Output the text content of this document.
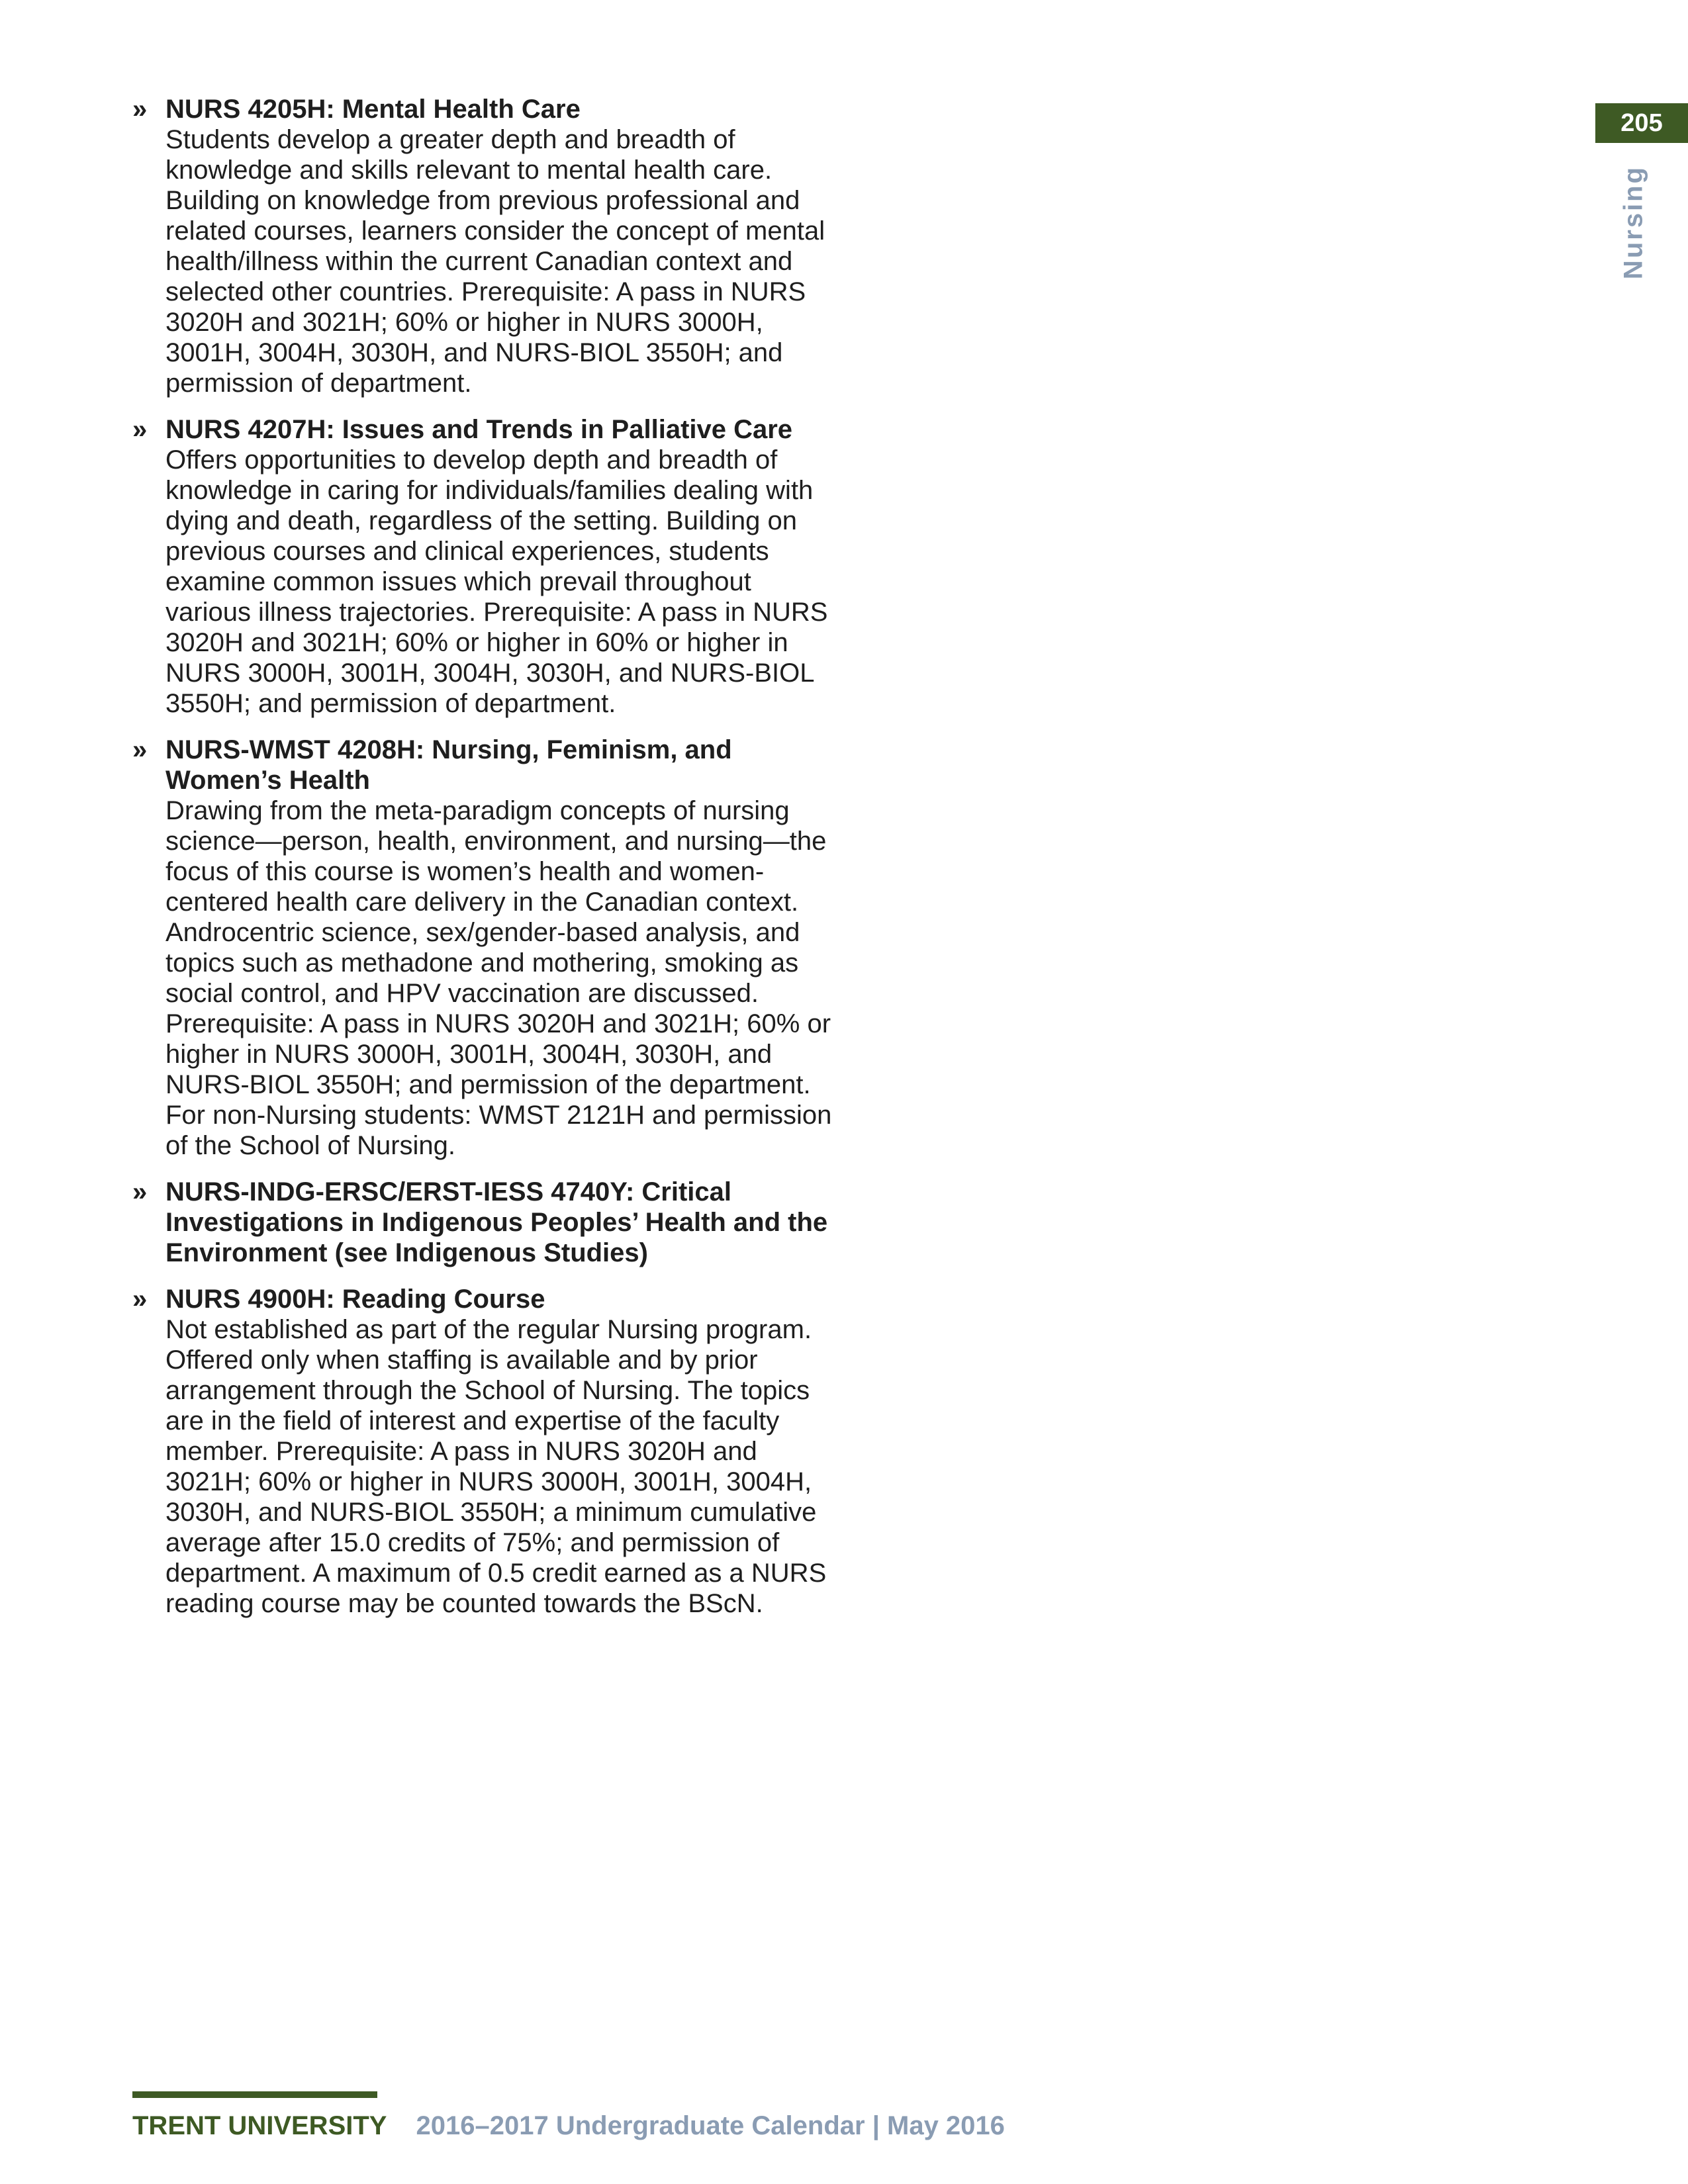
205
Nursing
» NURS 4205H: Mental Health Care
Students develop a greater depth and breadth of knowledge and skills relevant to mental health care. Building on knowledge from previous professional and related courses, learners consider the concept of mental health/illness within the current Canadian context and selected other countries. Prerequisite: A pass in NURS 3020H and 3021H; 60% or higher in NURS 3000H, 3001H, 3004H, 3030H, and NURS-BIOL 3550H; and permission of department.
» NURS 4207H: Issues and Trends in Palliative Care
Offers opportunities to develop depth and breadth of knowledge in caring for individuals/families dealing with dying and death, regardless of the setting. Building on previous courses and clinical experiences, students examine common issues which prevail throughout various illness trajectories. Prerequisite: A pass in NURS 3020H and 3021H; 60% or higher in 60% or higher in NURS 3000H, 3001H, 3004H, 3030H, and NURS-BIOL 3550H; and permission of department.
» NURS-WMST 4208H: Nursing, Feminism, and Women’s Health
Drawing from the meta-paradigm concepts of nursing science—person, health, environment, and nursing—the focus of this course is women’s health and women-centered health care delivery in the Canadian context. Androcentric science, sex/gender-based analysis, and topics such as methadone and mothering, smoking as social control, and HPV vaccination are discussed. Prerequisite: A pass in NURS 3020H and 3021H; 60% or higher in NURS 3000H, 3001H, 3004H, 3030H, and NURS-BIOL 3550H; and permission of the department. For non-Nursing students: WMST 2121H and permission of the School of Nursing.
» NURS-INDG-ERSC/ERST-IESS 4740Y: Critical Investigations in Indigenous Peoples’ Health and the Environment (see Indigenous Studies)
» NURS 4900H: Reading Course
Not established as part of the regular Nursing program. Offered only when staffing is available and by prior arrangement through the School of Nursing. The topics are in the field of interest and expertise of the faculty member. Prerequisite: A pass in NURS 3020H and 3021H; 60% or higher in NURS 3000H, 3001H, 3004H, 3030H, and NURS-BIOL 3550H; a minimum cumulative average after 15.0 credits of 75%; and permission of department. A maximum of 0.5 credit earned as a NURS reading course may be counted towards the BScN.
TRENT UNIVERSITY 2016–2017 Undergraduate Calendar | May 2016
